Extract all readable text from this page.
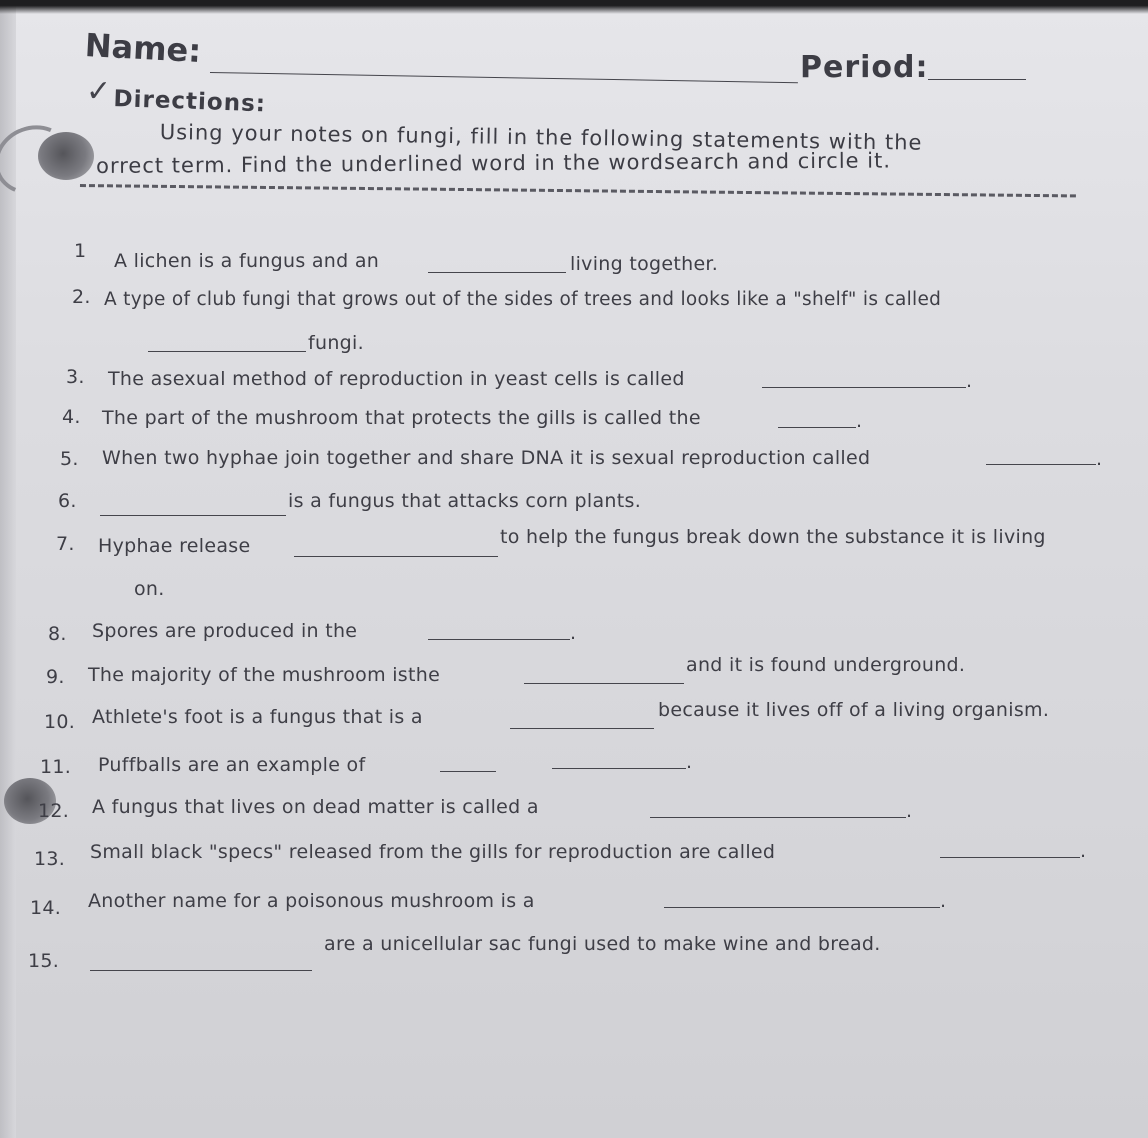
Name:	Period:
✓ Directions:
Using your notes on fungi, fill in the following statements with the
orrect term. Find the underlined word in the wordsearch and circle it.
1 A lichen is a fungus and an	living together.
2. A type of club fungi that grows out of the sides of trees and looks like a "shelf" is called
fungi.
3. The asexual method of reproduction in yeast cells is called	.
4. The part of the mushroom that protects the gills is called the	.
5. When two hyphae join together and share DNA it is sexual reproduction called	.
6.	is a fungus that attacks corn plants.
7. Hyphae release	to help the fungus break down the substance it is living
on.
8. Spores are produced in the	.
9. The majority of the mushroom isthe	and it is found underground.
10. Athlete's foot is a fungus that is a	because it lives off of a living organism.
11. Puffballs are an example of	.
12. A fungus that lives on dead matter is called a	.
13. Small black "specs" released from the gills for reproduction are called	.
14. Another name for a poisonous mushroom is a	.
15.
are a unicellular sac fungi used to make wine and bread.
